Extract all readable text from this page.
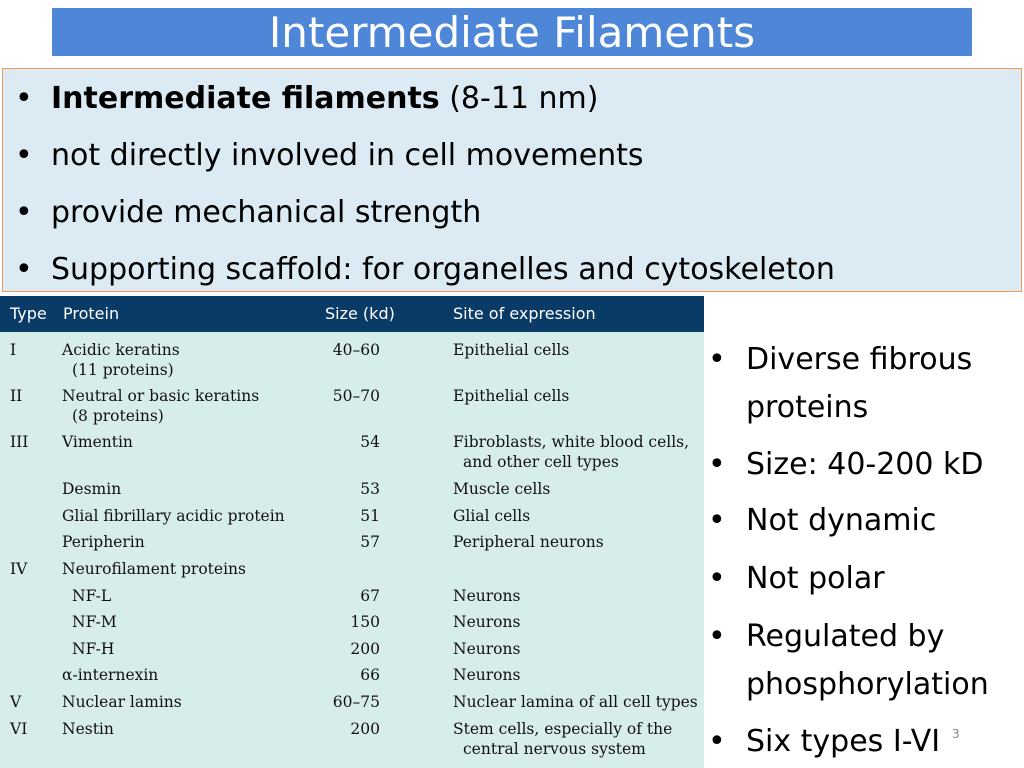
Intermediate Filaments
• Intermediate filaments (8-11 nm)
• not directly involved in cell movements
• provide mechanical strength
• Supporting scaffold: for organelles and cytoskeleton
Type Protein	Size (kd)	Site of expression
I	Acidic keratins	40–60	Epithelial cells
(11 proteins)
II	Neutral or basic keratins	50–70	Epithelial cells
(8 proteins)
III Vimentin	54	Fibroblasts, white blood cells,
and other cell types
Desmin	53	Muscle cells
Glial fibrillary acidic protein	51	Glial cells
Peripherin	57	Peripheral neurons
IV Neurofilament proteins
NF-L	67	Neurons
NF-M	150	Neurons
NF-H	200	Neurons
α-internexin	66	Neurons
V	Nuclear lamins	60–75	Nuclear lamina of all cell types
VI Nestin	200	Stem cells, especially of the
central nervous system
• Diverse fibrous proteins
• Size: 40-200 kD
• Not dynamic
• Not polar
• Regulated by phosphorylation
• Six types I-VI 3
